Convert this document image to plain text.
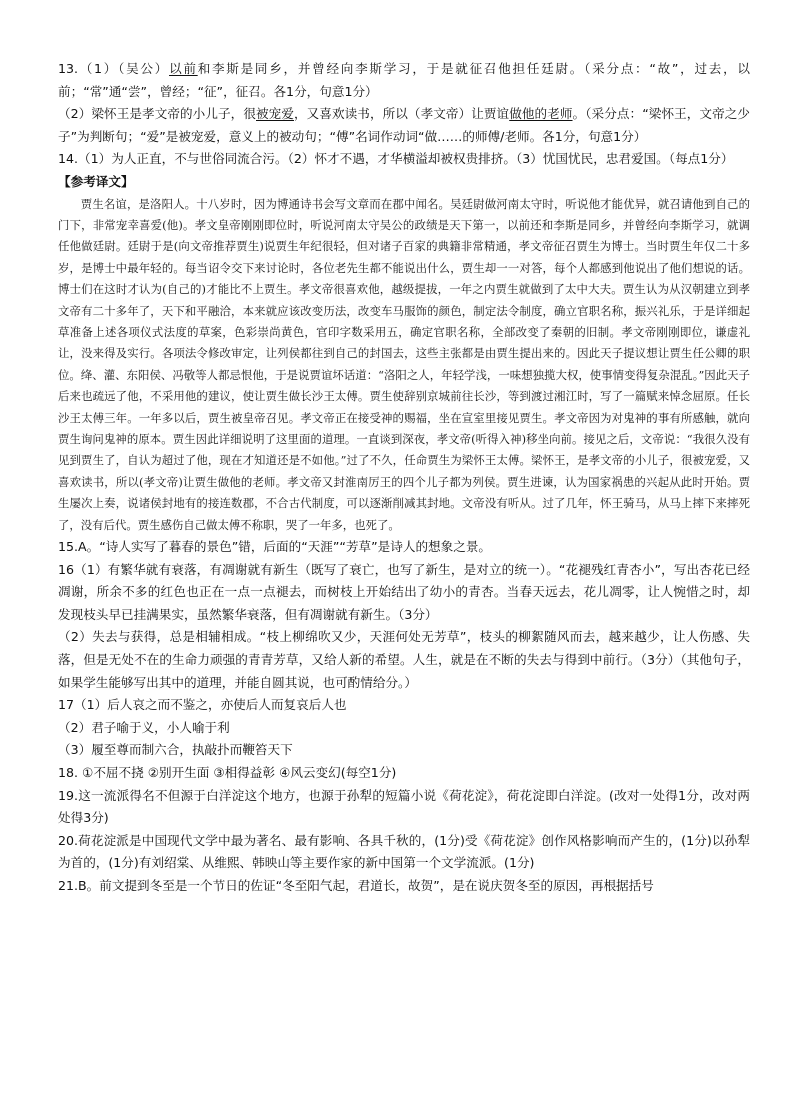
13.（1）（吴公）以前和李斯是同乡，并曾经向李斯学习，于是就征召他担任廷尉。（采分点：“故”，过去，以前；“常”通“尝”，曾经；“征”，征召。各1分，句意1分）

（2）梁怀王是孝文帝的小儿子，很被宠爱，又喜欢读书，所以（孝文帝）让贾谊做他的老师。（采分点：“梁怀王，文帝之少子”为判断句；“爱”是被宠爱，意义上的被动句；“傅”名词作动词“做……的师傅/老师。各1分，句意1分）

14.（1）为人正直，不与世俗同流合污。（2）怀才不遇，才华横溢却被权贵排挤。（3）忧国忧民，忠君爱国。（每点1分）

【参考译文】

贾生名谊，是洛阳人。十八岁时，因为博通诗书会写文章而在郡中闻名。吴廷尉做河南太守时，听说他才能优异，就召请他到自己的门下，非常宠幸喜爱(他)。孝文皇帝刚刚即位时，听说河南太守吴公的政绩是天下第一，以前还和李斯是同乡，并曾经向李斯学习，就调任他做廷尉。廷尉于是(向文帝推荐贾生)说贾生年纪很轻，但对诸子百家的典籍非常精通，孝文帝征召贾生为博士。当时贾生年仅二十多岁，是博士中最年轻的。每当诏令交下来讨论时，各位老先生都不能说出什么，贾生却一一对答，每个人都感到他说出了他们想说的话。博士们在这时才认为(自己的)才能比不上贾生。孝文帝很喜欢他，越级提拔，一年之内贾生就做到了太中大夫。贾生认为从汉朝建立到孝文帝有二十多年了，天下和平融洽，本来就应该改变历法，改变车马服饰的颜色，制定法令制度，确立官职名称，振兴礼乐，于是详细起草准备上述各项仪式法度的草案，色彩崇尚黄色，官印字数采用五，确定官职名称，全部改变了秦朝的旧制。孝文帝刚刚即位，谦虚礼让，没来得及实行。各项法令修改审定，让列侯都往到自己的封国去，这些主张都是由贾生提出来的。因此天子提议想让贾生任公卿的职位。绛、灌、东阳侯、冯敬等人都忌恨他，于是说贾谊坏话道：“洛阳之人，年轻学浅，一味想独揽大权，使事情变得复杂混乱。”因此天子后来也疏远了他，不采用他的建议，使让贾生做长沙王太傅。贾生使辞别京城前往长沙，等到渡过湘江时，写了一篇赋来悼念屈原。任长沙王太傅三年。一年多以后，贾生被皇帝召见。孝文帝正在接受神的赐福，坐在宣室里接见贾生。孝文帝因为对鬼神的事有所感触，就向贾生询问鬼神的原本。贾生因此详细说明了这里面的道理。一直谈到深夜，孝文帝(听得入神)移坐向前。接见之后，文帝说：“我很久没有见到贾生了，自认为超过了他，现在才知道还是不如他。”过了不久，任命贾生为梁怀王太傅。梁怀王，是孝文帝的小儿子，很被宠爱，又喜欢读书，所以(孝文帝)让贾生做他的老师。孝文帝又封淮南厉王的四个儿子都为列侯。贾生进谏，认为国家祸患的兴起从此时开始。贾生屡次上奏，说诸侯封地有的接连数郡，不合古代制度，可以逐渐削减其封地。文帝没有听从。过了几年，怀王骑马，从马上摔下来摔死了，没有后代。贾生感伤自己做太傅不称职，哭了一年多，也死了。

15.A。“诗人实写了暮春的景色”错，后面的“天涯”“芳草”是诗人的想象之景。

16（1）有繁华就有衰落，有凋谢就有新生（既写了衰亡，也写了新生，是对立的统一）。“花褪残红青杏小”，写出杏花已经凋谢，所余不多的红色也正在一点一点褪去，而树枝上开始结出了幼小的青杏。当春天远去，花儿凋零，让人惋惜之时，却发现枝头早已挂满果实，虽然繁华衰落，但有凋谢就有新生。（3分）

（2）失去与获得，总是相辅相成。“枝上柳绵吹又少，天涯何处无芳草”，枝头的柳絮随风而去，越来越少，让人伤感、失落，但是无处不在的生命力顽强的青青芳草，又给人新的希望。人生，就是在不断的失去与得到中前行。（3分）（其他句子，如果学生能够写出其中的道理，并能自圆其说，也可酌情给分。）

17（1）后人哀之而不鉴之，亦使后人而复哀后人也

（2）君子喻于义，小人喻于利

（3）履至尊而制六合，执敲扑而鞭笞天下

18. ①不屈不挠 ②别开生面 ③相得益彰 ④风云变幻(每空1分)

19.这一流派得名不但源于白洋淀这个地方，也源于孙犁的短篇小说《荷花淀》，荷花淀即白洋淀。(改对一处得1分，改对两处得3分)

20.荷花淀派是中国现代文学中最为著名、最有影响、各具千秋的，(1分)受《荷花淀》创作风格影响而产生的，(1分)以孙犁为首的，(1分)有刘绍棠、从维熙、韩映山等主要作家的新中国第一个文学流派。(1分)

21.B。前文提到冬至是一个节日的佐证“冬至阳气起，君道长，故贺”，是在说庆贺冬至的原因，再根据括号
